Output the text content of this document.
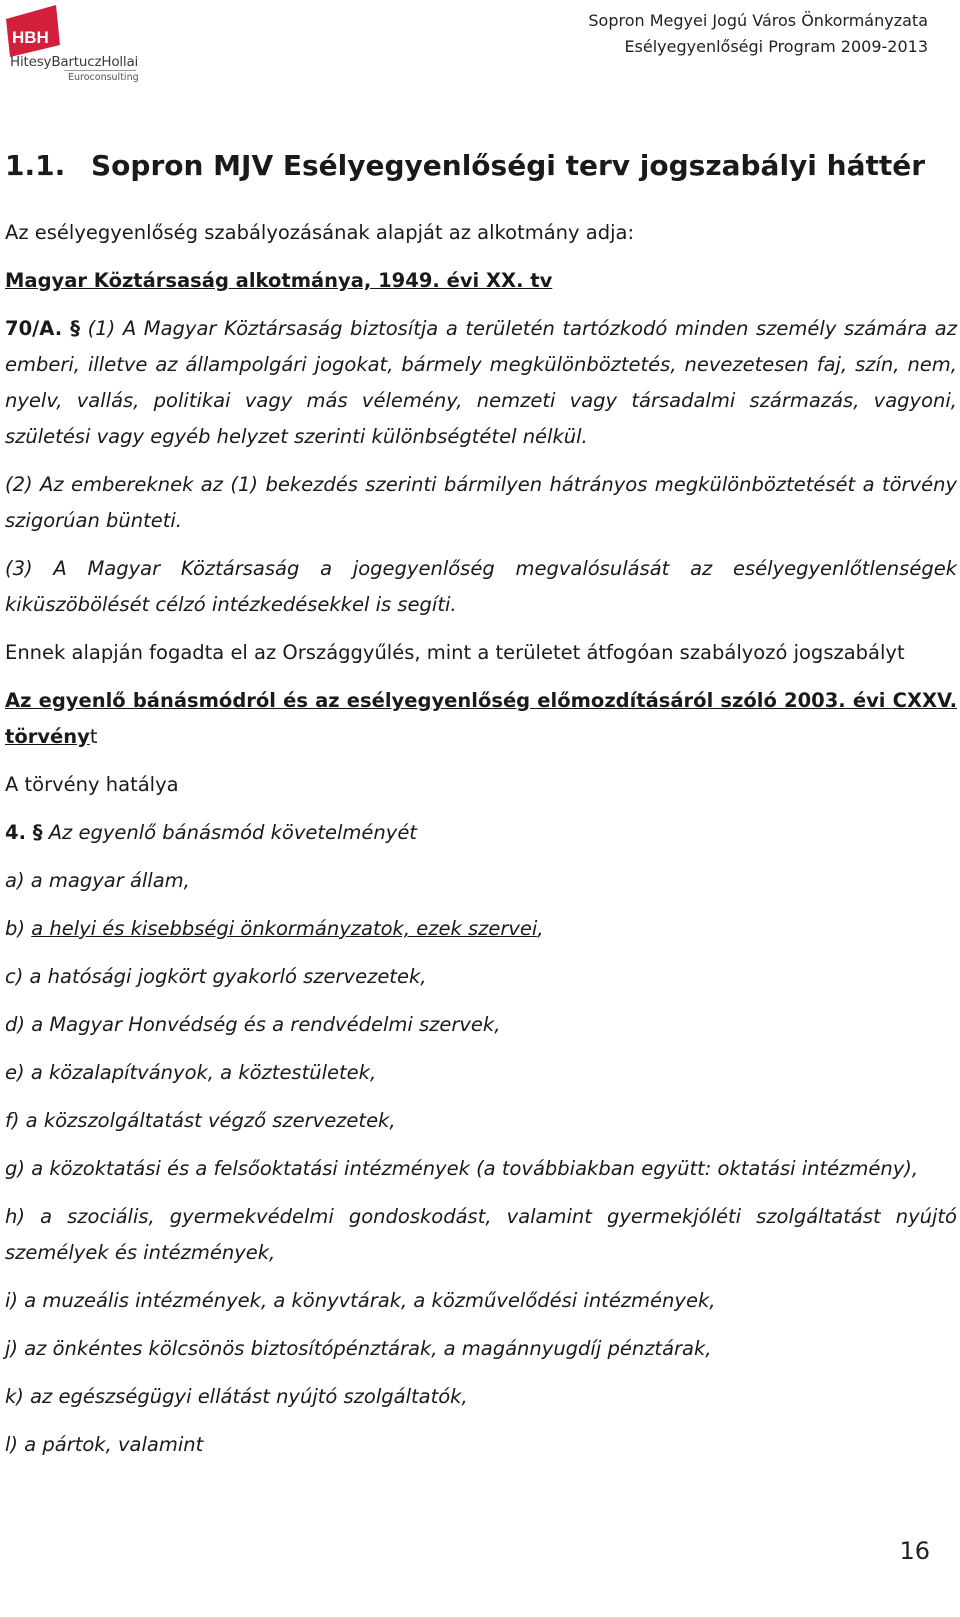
HBH
HitesyBartuczHollai
Euroconsulting
Sopron Megyei Jogú Város Önkormányzata
Esélyegyenlőségi Program 2009-2013
1.1. Sopron MJV Esélyegyenlőségi terv jogszabályi háttér

Az esélyegyenlőség szabályozásának alapját az alkotmány adja:

Magyar Köztársaság alkotmánya, 1949. évi XX. tv

70/A. § (1) A Magyar Köztársaság biztosítja a területén tartózkodó minden személy számára az emberi, illetve az állampolgári jogokat, bármely megkülönböztetés, nevezetesen faj, szín, nem, nyelv, vallás, politikai vagy más vélemény, nemzeti vagy társadalmi származás, vagyoni, születési vagy egyéb helyzet szerinti különbségtétel nélkül.

(2) Az embereknek az (1) bekezdés szerinti bármilyen hátrányos megkülönböztetését a törvény szigorúan bünteti.

(3) A Magyar Köztársaság a jogegyenlőség megvalósulását az esélyegyenlőtlenségek kiküszöbölését célzó intézkedésekkel is segíti.

Ennek alapján fogadta el az Országgyűlés, mint a területet átfogóan szabályozó jogszabályt

Az egyenlő bánásmódról és az esélyegyenlőség előmozdításáról szóló 2003. évi CXXV. törvényt

A törvény hatálya

4. § Az egyenlő bánásmód követelményét

a) a magyar állam,

b) a helyi és kisebbségi önkormányzatok, ezek szervei,

c) a hatósági jogkört gyakorló szervezetek,

d) a Magyar Honvédség és a rendvédelmi szervek,

e) a közalapítványok, a köztestületek,

f) a közszolgáltatást végző szervezetek,

g) a közoktatási és a felsőoktatási intézmények (a továbbiakban együtt: oktatási intézmény),

h) a szociális, gyermekvédelmi gondoskodást, valamint gyermekjóléti szolgáltatást nyújtó személyek és intézmények,

i) a muzeális intézmények, a könyvtárak, a közművelődési intézmények,

j) az önkéntes kölcsönös biztosítópénztárak, a magánnyugdíj pénztárak,

k) az egészségügyi ellátást nyújtó szolgáltatók,

l) a pártok, valamint

16
